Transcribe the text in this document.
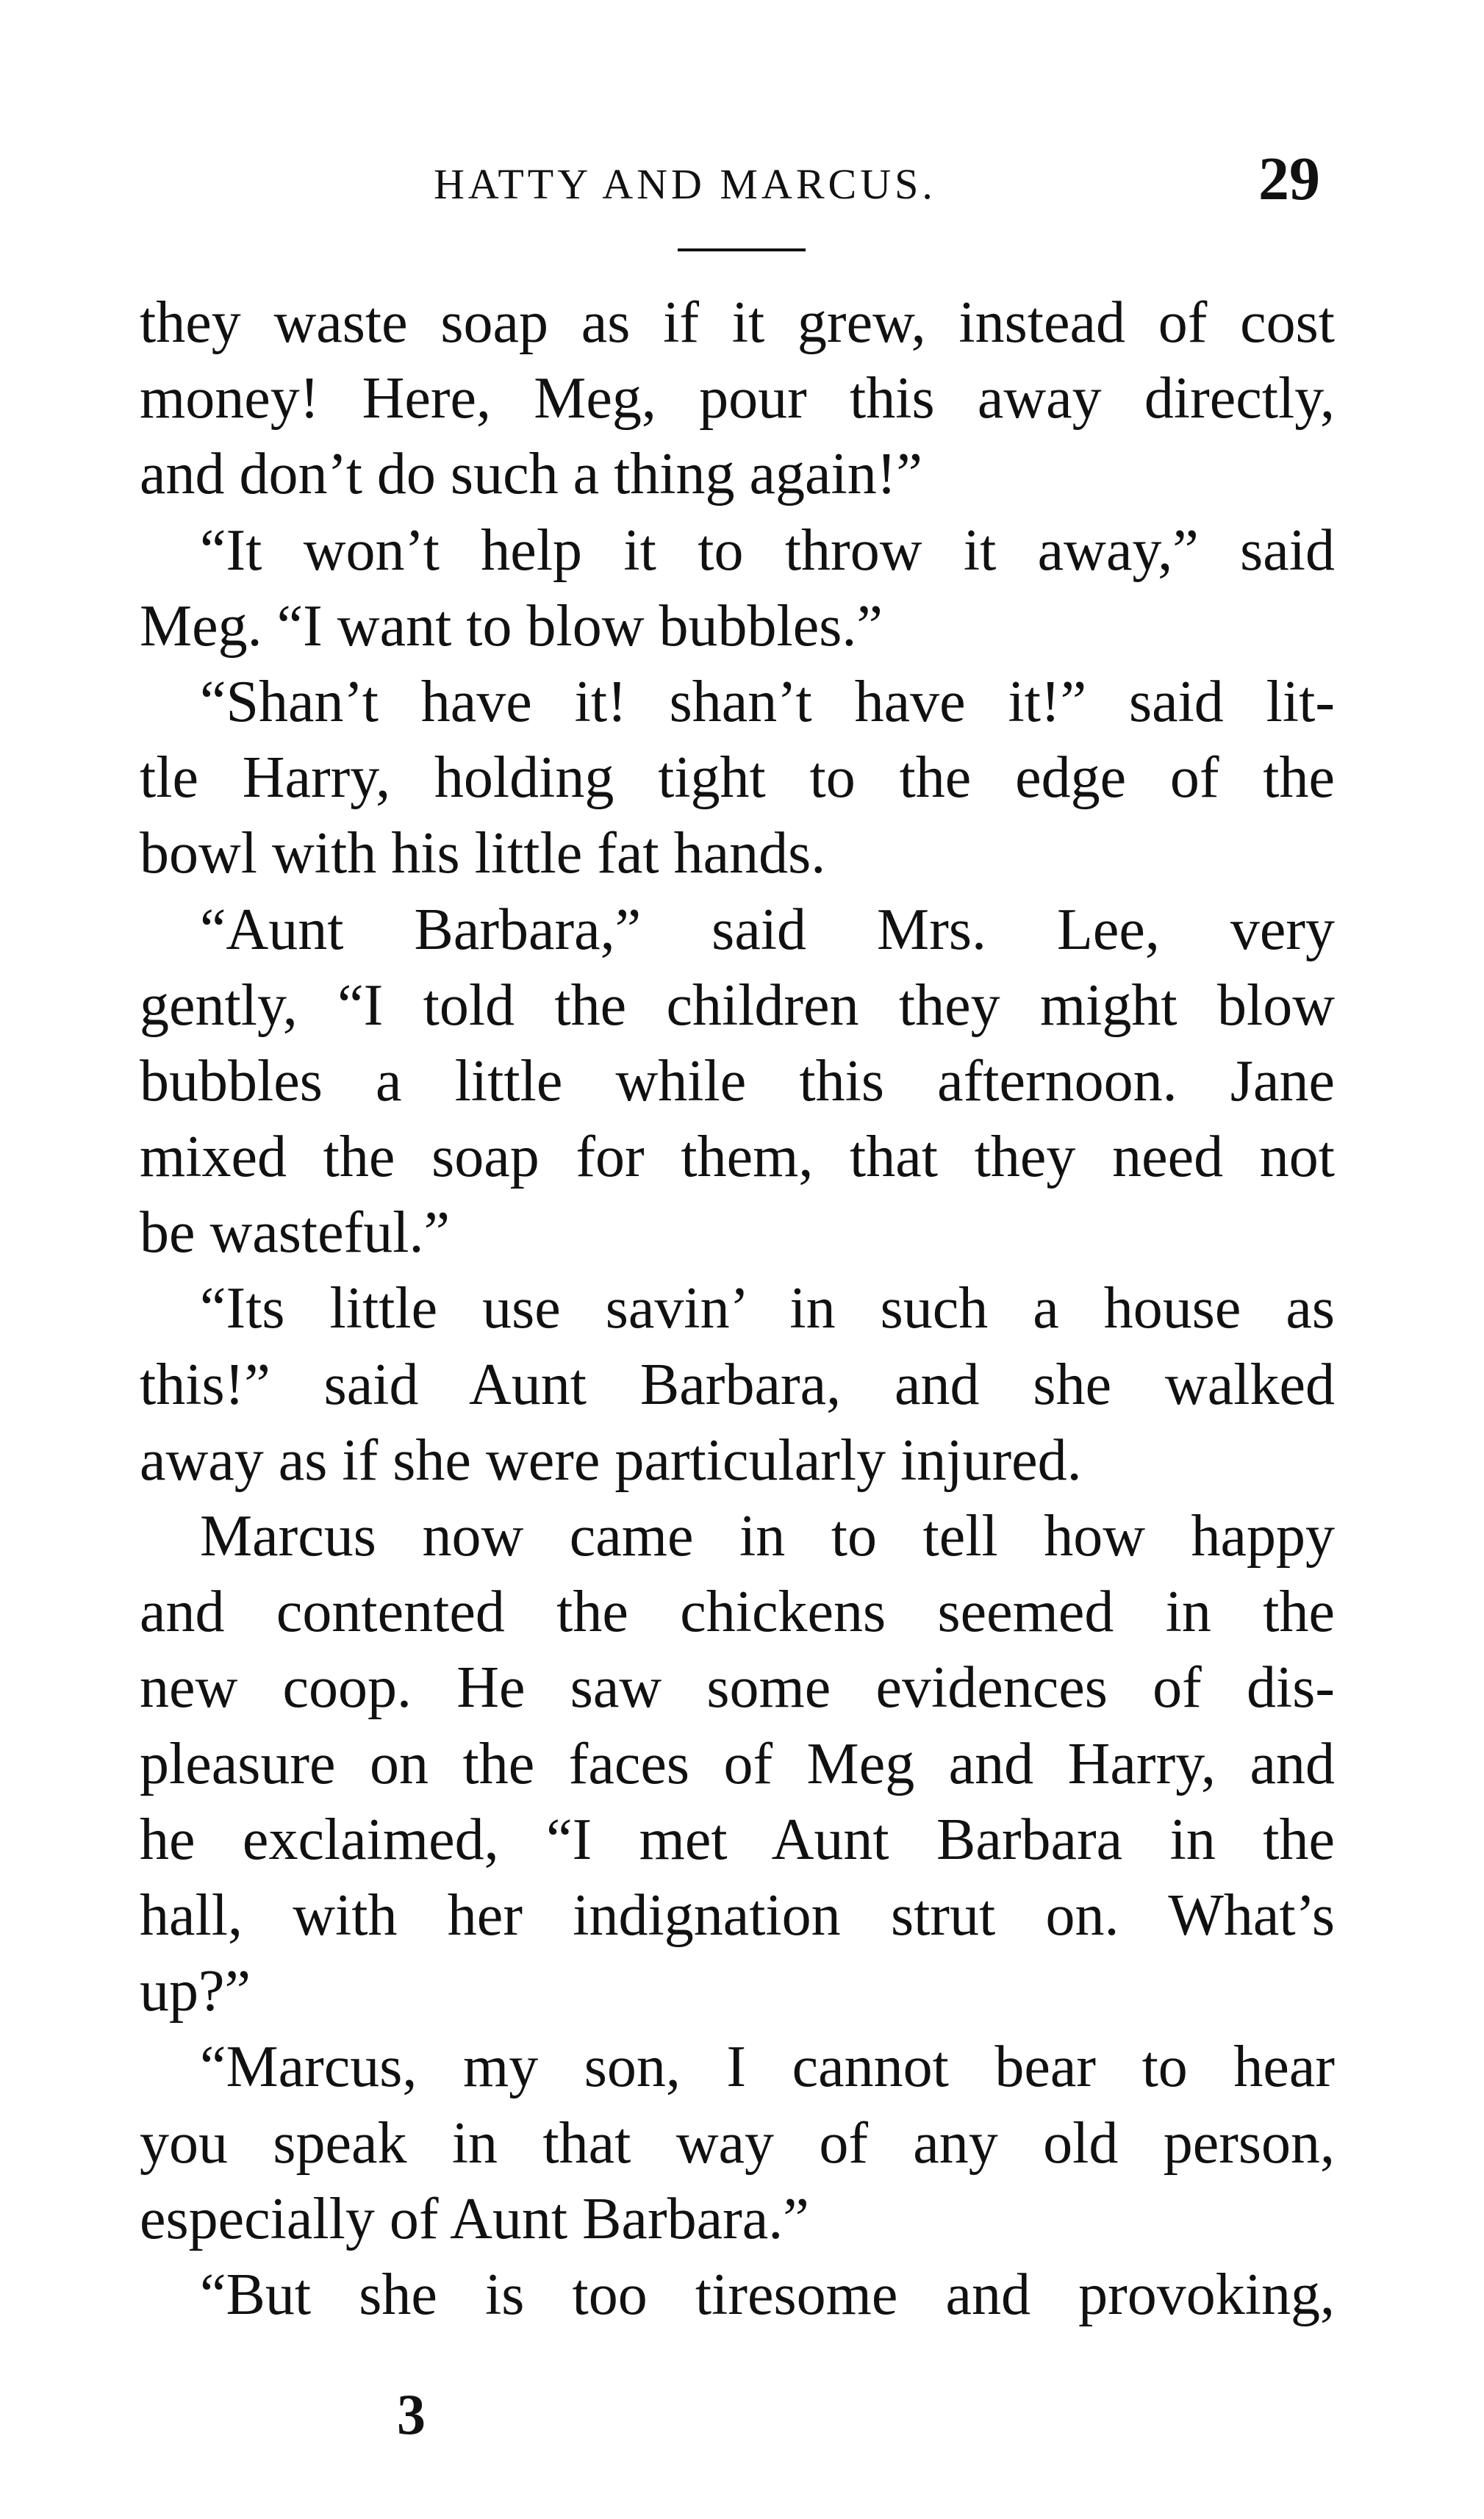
HATTY AND MARCUS.	29
they waste soap as if it grew, instead of cost
money! Here, Meg, pour this away directly,
and don’t do such a thing again!”
“It won’t help it to throw it away,” said
Meg. “I want to blow bubbles.”
“Shan’t have it! shan’t have it!” said lit-
tle Harry, holding tight to the edge of the
bowl with his little fat hands.
“Aunt Barbara,” said Mrs. Lee, very
gently, “I told the children they might blow
bubbles a little while this afternoon. Jane
mixed the soap for them, that they need not
be wasteful.”
“Its little use savin’ in such a house as
this!” said Aunt Barbara, and she walked
away as if she were particularly injured.
Marcus now came in to tell how happy
and contented the chickens seemed in the
new coop. He saw some evidences of dis-
pleasure on the faces of Meg and Harry, and
he exclaimed, “I met Aunt Barbara in the
hall, with her indignation strut on. What’s
up?”
“Marcus, my son, I cannot bear to hear
you speak in that way of any old person,
especially of Aunt Barbara.”
“But she is too tiresome and provoking,
3
